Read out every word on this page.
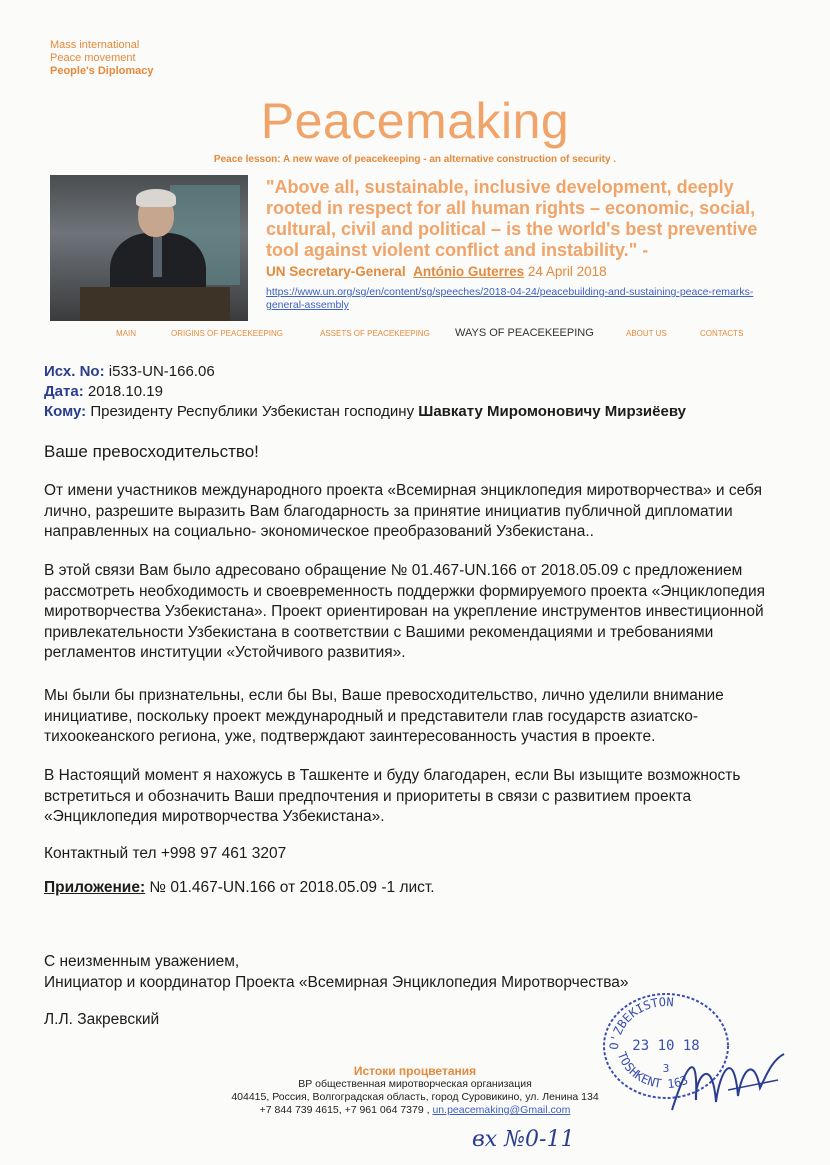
Mass international
Peace movement
People's Diplomacy
Peacemaking
Peace lesson: A new wave of peacekeeping - an alternative construction of security .
"Above all, sustainable, inclusive development, deeply rooted in respect for all human rights – economic, social, cultural, civil and political – is the world's best preventive tool against violent conflict and instability." -
UN Secretary-General António Guterres 24 April 2018
https://www.un.org/sg/en/content/sg/speeches/2018-04-24/peacebuilding-and-sustaining-peace-remarks-general-assembly
MAIN	ORIGINS OF PEACEKEEPING	ASSETS OF PEACEKEEPING WAYS OF PEACEKEEPING	ABOUT US	CONTACTS
Исх. No: i533-UN-166.06
Дата: 2018.10.19
Кому: Президенту Республики Узбекистан господину Шавкату Миромоновичу Мирзиёеву
Ваше превосходительство!
От имени участников международного проекта «Всемирная энциклопедия миротворчества» и себя лично, разрешите выразить Вам благодарность за принятие инициатив публичной дипломатии направленных на социально- экономическое преобразований Узбекистана..
В этой связи Вам было адресовано обращение № 01.467-UN.166 от 2018.05.09 с предложением рассмотреть необходимость и своевременность поддержки формируемого проекта «Энциклопедия миротворчества Узбекистана». Проект ориентирован на укрепление инструментов инвестиционной привлекательности Узбекистана в соответствии с Вашими рекомендациями и требованиями регламентов институции «Устойчивого развития».
Мы были бы признательны, если бы Вы, Ваше превосходительство, лично уделили внимание инициативе, поскольку проект международный и представители глав государств азиатско-тихоокеанского региона, уже, подтверждают заинтересованность участия в проекте.
В Настоящий момент я нахожусь в Ташкенте и буду благодарен, если Вы изыщите возможность встретиться и обозначить Ваши предпочтения и приоритеты в связи с развитием проекта «Энциклопедия миротворчества Узбекистана».
Контактный тел +998 97 461 3207
Приложение: № 01.467-UN.166 от 2018.05.09 -1 лист.
С неизменным уважением,
Инициатор и координатор Проекта «Всемирная Энциклопедия Миротворчества»
Л.Л. Закревский
O'ZBEKISTON
23 10 18
3
TOSHKENT 163
Истоки процветания
ВР общественная миротворческая организация
404415, Россия, Волгоградская область, город Суровикино, ул. Ленина 134
+7 844 739 4615, +7 961 064 7379 , un.peacemaking@Gmail.com
вх №0-11
